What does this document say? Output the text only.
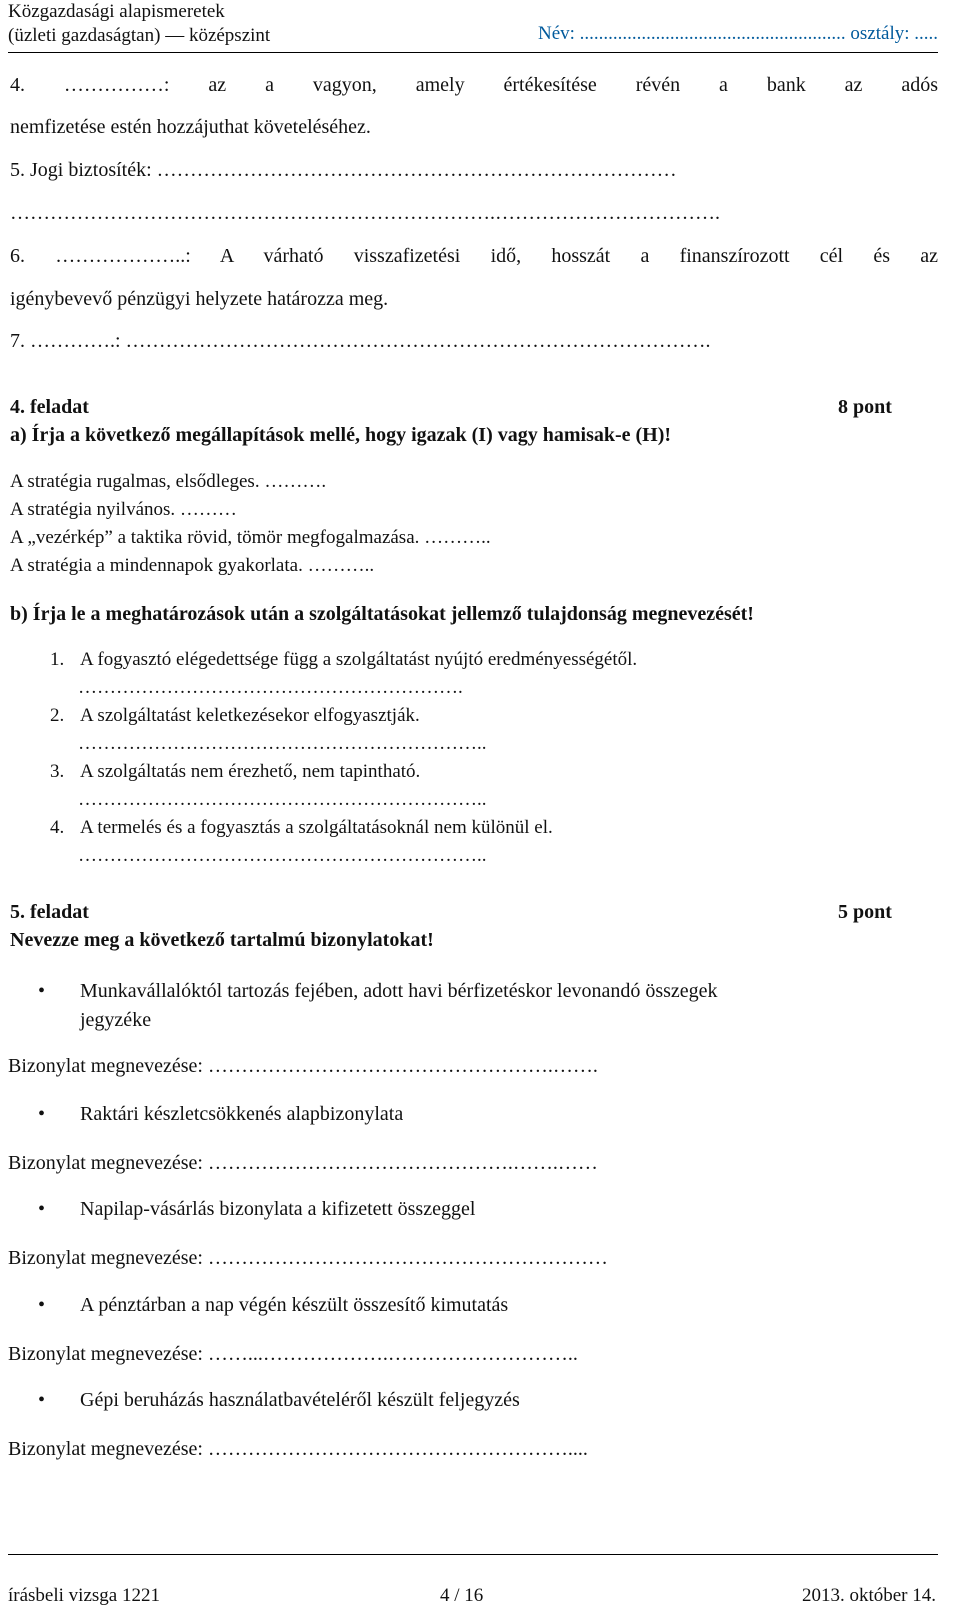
Közgazdasági alapismeretek
(üzleti gazdaságtan) — középszint	Név: ........................................................ osztály: .....
4. ……………: az a vagyon, amely értékesítése révén a bank az adós
nemfizetése estén hozzájuthat követeléséhez.
5. Jogi biztosíték: ……………………………………………………………………
……………………………………………………………….…………………………….
6. ………………..: A várható visszafizetési idő, hosszát a finanszírozott cél és az
igénybevevő pénzügyi helyzete határozza meg.
7. ………….: …………………………………………………………………………….
4. feladat	8 pont
a) Írja a következő megállapítások mellé, hogy igazak (I) vagy hamisak-e (H)!
A stratégia rugalmas, elsődleges. ……….
A stratégia nyilvános. ………
A „vezérkép” a taktika rövid, tömör megfogalmazása. ………..
A stratégia a mindennapok gyakorlata. ………..
b) Írja le a meghatározások után a szolgáltatásokat jellemző tulajdonság megnevezését!
1. A fogyasztó elégedettsége függ a szolgáltatást nyújtó eredményességétől.
…………………………………………………….
2. A szolgáltatást keletkezésekor elfogyasztják.
………………………………………………………..
3. A szolgáltatás nem érezhető, nem tapintható.
………………………………………………………..
4. A termelés és a fogyasztás a szolgáltatásoknál nem különül el.
………………………………………………………..
5. feladat	5 pont
Nevezze meg a következő tartalmú bizonylatokat!
• Munkavállalóktól tartozás fejében, adott havi bérfizetéskor levonandó összegek
jegyzéke
Bizonylat megnevezése: …………………………………………….…….
• Raktári készletcsökkenés alapbizonylata
Bizonylat megnevezése: ……………………………………….…….……
• Napilap-vásárlás bizonylata a kifizetett összeggel
Bizonylat megnevezése: ……………………………………………………
• A pénztárban a nap végén készült összesítő kimutatás
Bizonylat megnevezése: ……...……………….………………………..
• Gépi beruházás használatbavételéről készült feljegyzés
Bizonylat megnevezése: ………………………………………………....
írásbeli vizsga 1221	4 / 16	2013. október 14.
